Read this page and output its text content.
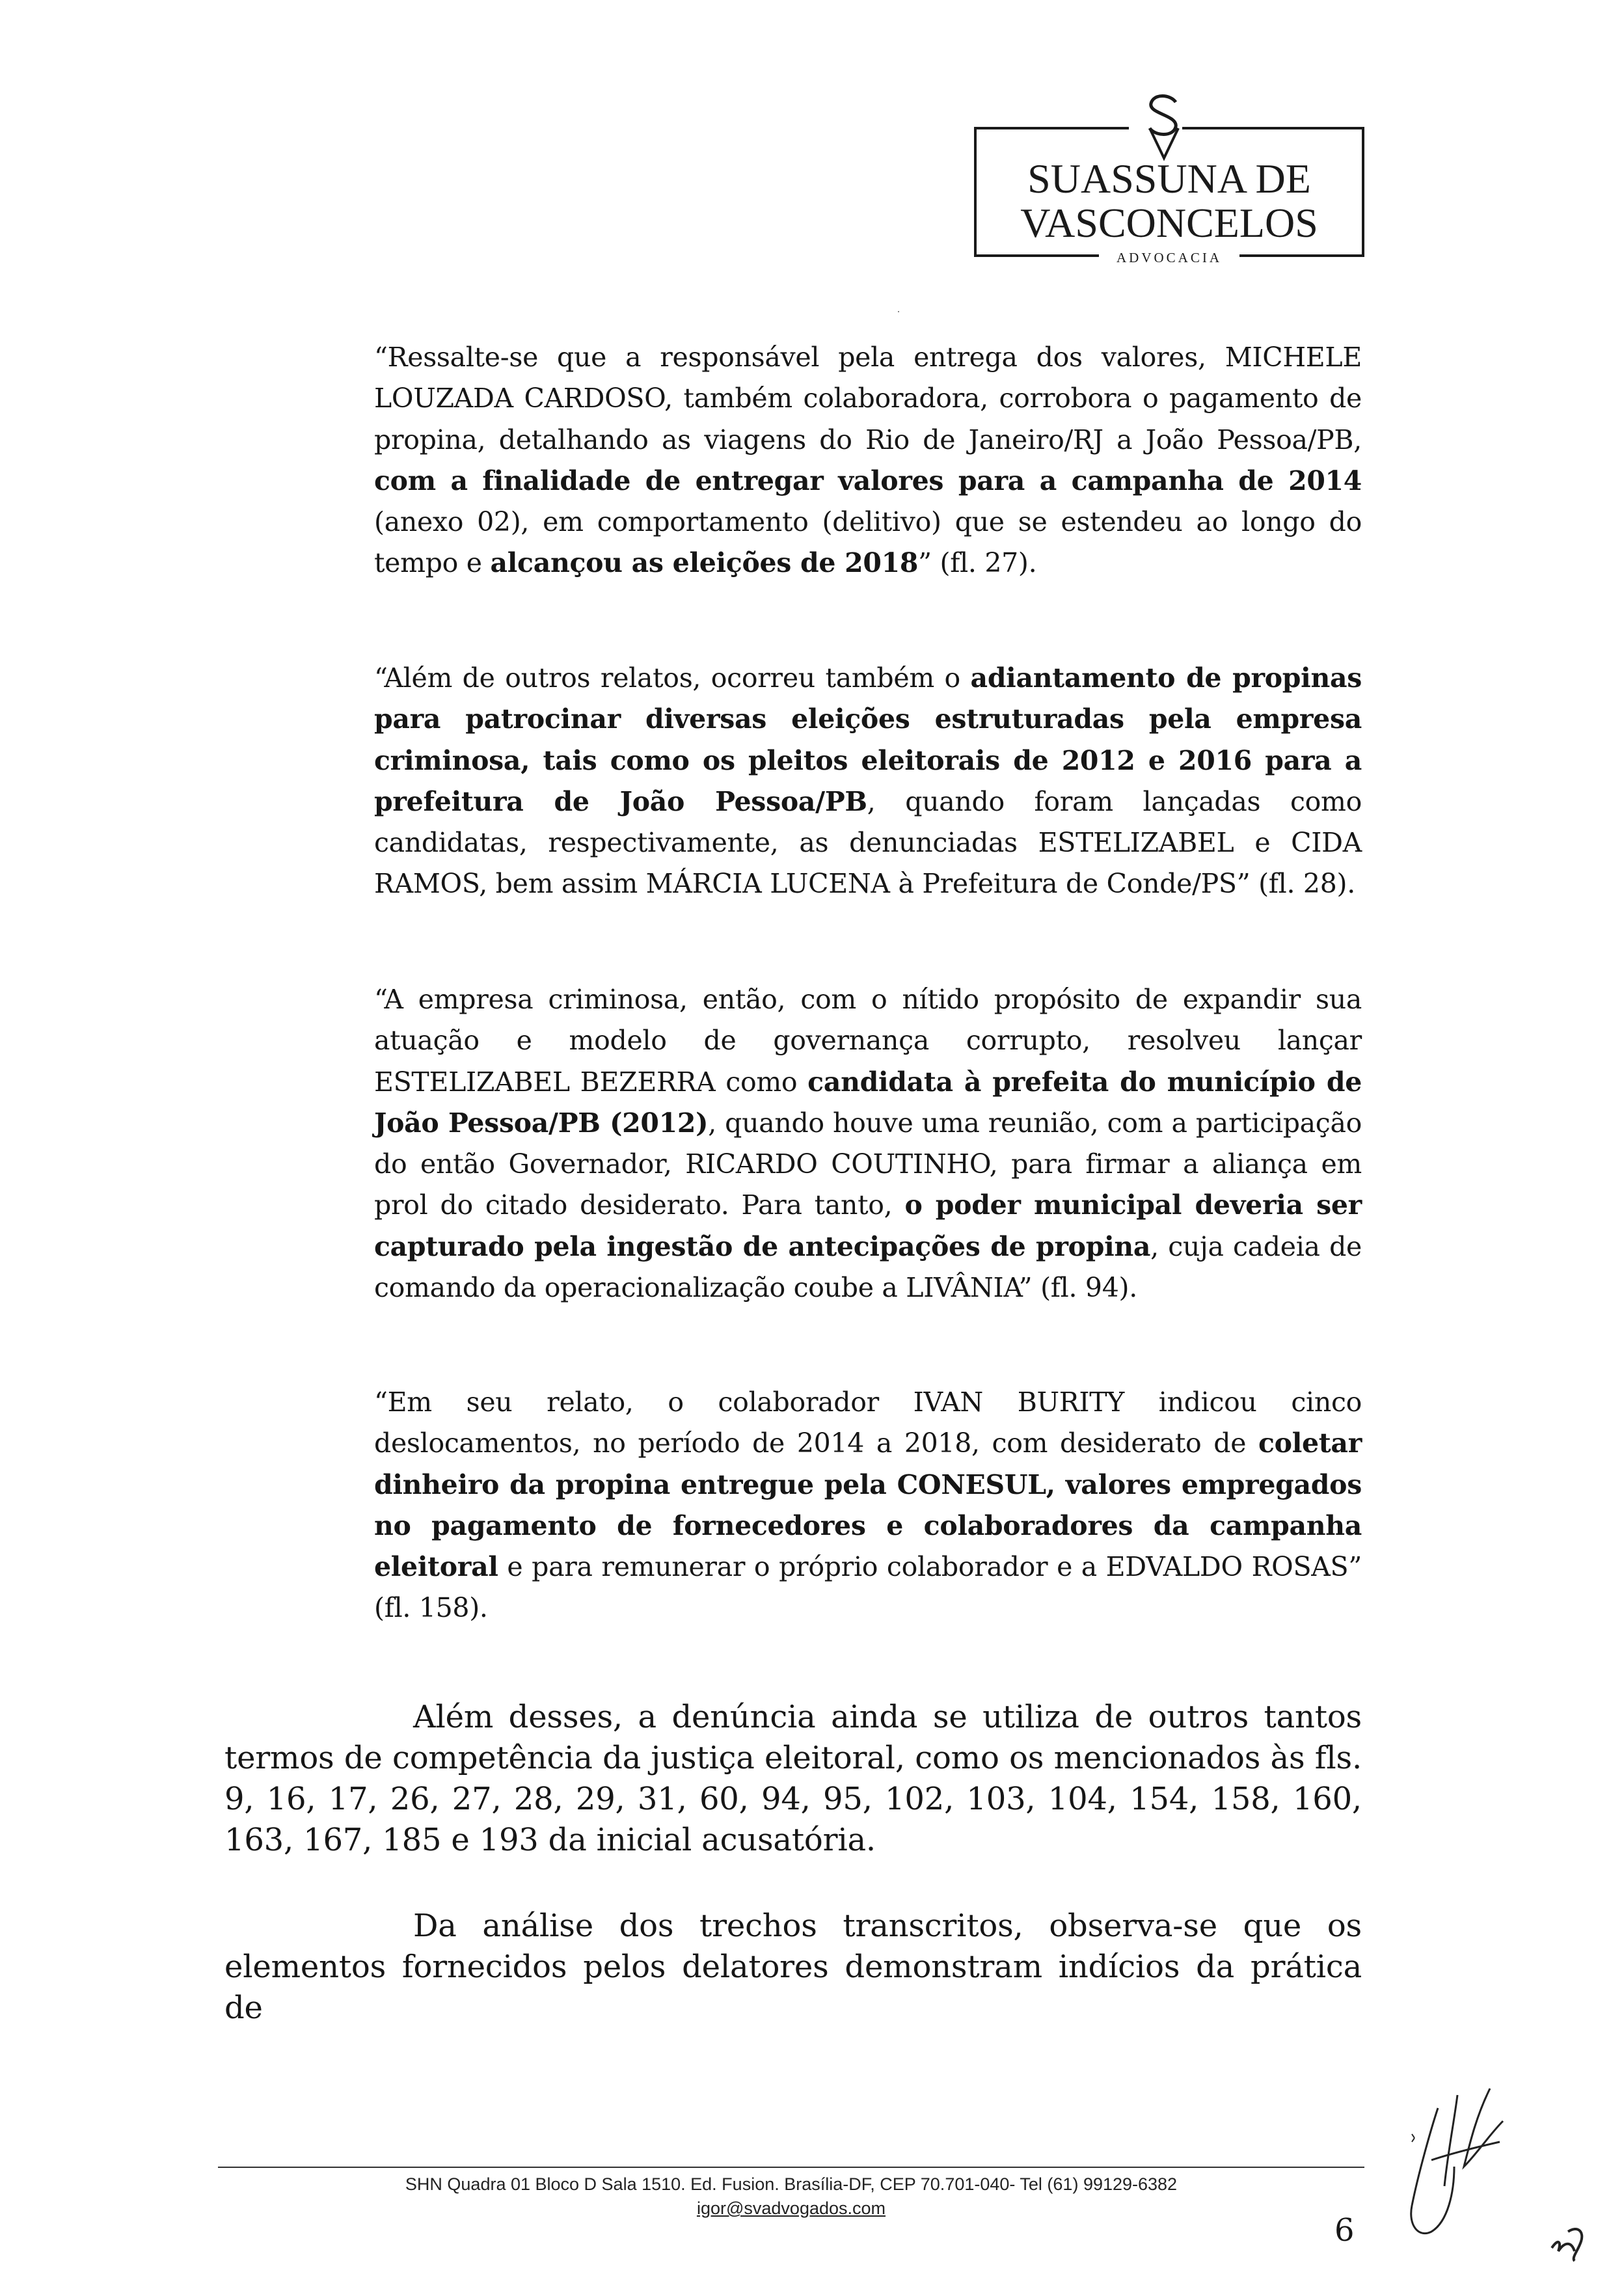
SUASSUNA DE
VASCONCELOS
ADVOCACIA
“Ressalte-se que a responsável pela entrega dos valores, MICHELE LOUZADA CARDOSO, também colaboradora, corrobora o pagamento de propina, detalhando as viagens do Rio de Janeiro/RJ a João Pessoa/PB, com a finalidade de entregar valores para a campanha de 2014 (anexo 02), em comportamento (delitivo) que se estendeu ao longo do tempo e alcançou as eleições de 2018” (fl. 27).
“Além de outros relatos, ocorreu também o adiantamento de propinas para patrocinar diversas eleições estruturadas pela empresa criminosa, tais como os pleitos eleitorais de 2012 e 2016 para a prefeitura de João Pessoa/PB, quando foram lançadas como candidatas, respectivamente, as denunciadas ESTELIZABEL e CIDA RAMOS, bem assim MÁRCIA LUCENA à Prefeitura de Conde/PS” (fl. 28).
“A empresa criminosa, então, com o nítido propósito de expandir sua atuação e modelo de governança corrupto, resolveu lançar ESTELIZABEL BEZERRA como candidata à prefeita do município de João Pessoa/PB (2012), quando houve uma reunião, com a participação do então Governador, RICARDO COUTINHO, para firmar a aliança em prol do citado desiderato. Para tanto, o poder municipal deveria ser capturado pela ingestão de antecipações de propina, cuja cadeia de comando da operacionalização coube a LIVÂNIA” (fl. 94).
“Em seu relato, o colaborador IVAN BURITY indicou cinco deslocamentos, no período de 2014 a 2018, com desiderato de coletar dinheiro da propina entregue pela CONESUL, valores empregados no pagamento de fornecedores e colaboradores da campanha eleitoral e para remunerar o próprio colaborador e a EDVALDO ROSAS” (fl. 158).
Além desses, a denúncia ainda se utiliza de outros tantos termos de competência da justiça eleitoral, como os mencionados às fls. 9, 16, 17, 26, 27, 28, 29, 31, 60, 94, 95, 102, 103, 104, 154, 158, 160, 163, 167, 185 e 193 da inicial acusatória.
Da análise dos trechos transcritos, observa-se que os elementos fornecidos pelos delatores demonstram indícios da prática de
SHN Quadra 01 Bloco D Sala 1510. Ed. Fusion. Brasília-DF, CEP 70.701-040- Tel (61) 99129-6382
igor@svadvogados.com
6
